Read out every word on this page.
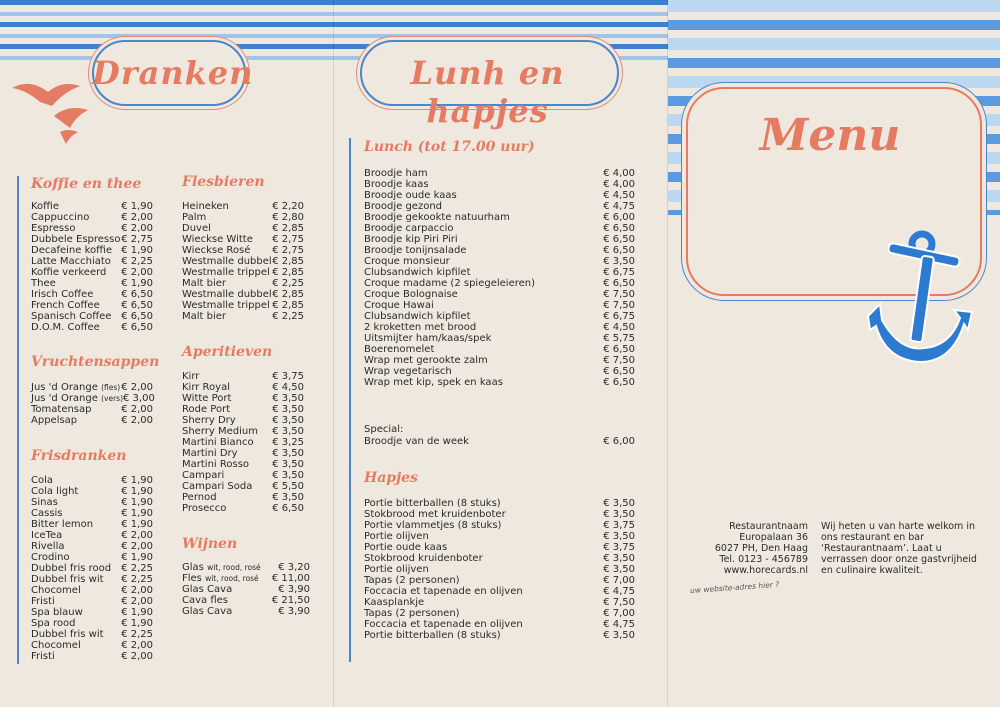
Dranken	Lunh en hapjes
Koffie en thee
Koffie	€ 1,90
Cappuccino	€ 2,00
Espresso	€ 2,00
Dubbele Espresso € 2,75
Decafeine koffie € 1,90
Latte Macchiato € 2,25
Koffie verkeerd € 2,00
Thee	€ 1,90
Irisch Coffee	€ 6,50
French Coffee € 6,50
Spanisch Coffee € 6,50
D.O.M. Coffee € 6,50
Vruchtensappen
Jus 'd Orange (fles) € 2,00
Jus 'd Orange (vers) € 3,00
Tomatensap	€ 2,00
Appelsap	€ 2,00
Frisdranken
Cola	€ 1,90
Cola light	€ 1,90
Sinas	€ 1,90
Cassis	€ 1,90
Bitter lemon	€ 1,90
IceTea	€ 2,00
Rivella	€ 2,00
Crodino	€ 1,90
Dubbel fris rood € 2,25
Dubbel fris wit € 2,25
Chocomel	€ 2,00
Fristi	€ 2,00
Spa blauw	€ 1,90
Spa rood	€ 1,90
Dubbel fris wit € 2,25
Chocomel	€ 2,00
Fristi	€ 2,00
Flesbieren
Heineken	€ 2,20
Palm	€ 2,80
Duvel	€ 2,85
Wieckse Witte € 2,75
Wieckse Rosé € 2,75
Westmalle dubbel € 2,85
Westmalle trippel € 2,85
Malt bier	€ 2,25
Westmalle dubbel € 2,85
Westmalle trippel € 2,85
Malt bier	€ 2,25
Aperitieven
Kirr	€ 3,75
Kirr Royal	€ 4,50
Witte Port	€ 3,50
Rode Port	€ 3,50
Sherry Dry	€ 3,50
Sherry Medium € 3,50
Martini Bianco € 3,25
Martini Dry	€ 3,50
Martini Rosso € 3,50
Campari	€ 3,50
Campari Soda € 5,50
Pernod	€ 3,50
Prosecco	€ 6,50
Wijnen
Glas wit, rood, rosé € 3,20
Fles wit, rood, rosé € 11,00
Glas Cava	€ 3,90
Cava fles	€ 21,50
Glas Cava	€ 3,90
Lunch (tot 17.00 uur)
Broodje ham	€ 4,00
Broodje kaas	€ 4,00
Broodje oude kaas	€ 4,50
Broodje gezond	€ 4,75
Broodje gekookte natuurham	€ 6,00
Broodje carpaccio	€ 6,50
Broodje kip Piri Piri	€ 6,50
Broodje tonijnsalade	€ 6,50
Croque monsieur	€ 3,50
Clubsandwich kipfilet	€ 6,75
Croque madame (2 spiegeleieren)	€ 6,50
Croque Bolognaise	€ 7,50
Croque Hawai	€ 7,50
Clubsandwich kipfilet	€ 6,75
2 kroketten met brood	€ 4,50
Uitsmijter ham/kaas/spek	€ 5,75
Boerenomelet	€ 6,50
Wrap met gerookte zalm	€ 7,50
Wrap vegetarisch	€ 6,50
Wrap met kip, spek en kaas	€ 6,50
Special:
Broodje van de week	€ 6,00
Hapjes
Portie bitterballen (8 stuks)	€ 3,50
Stokbrood met kruidenboter	€ 3,50
Portie vlammetjes (8 stuks)	€ 3,75
Portie olijven	€ 3,50
Portie oude kaas	€ 3,75
Stokbrood kruidenboter	€ 3,50
Portie olijven	€ 3,50
Tapas (2 personen)	€ 7,00
Foccacia et tapenade en olijven	€ 4,75
Kaasplankje	€ 7,50
Tapas (2 personen)	€ 7,00
Foccacia et tapenade en olijven	€ 4,75
Portie bitterballen (8 stuks)	€ 3,50
Menu
Restaurantnaam
Europalaan 36
6027 PH, Den Haag
Tel. 0123 - 456789
www.horecards.nl
uw website-adres hier ?
Wij heten u van harte welkom in ons restaurant en bar ‘Restaurantnaam’. Laat u verrassen door onze gastvrijheid en culinaire kwaliteit.
